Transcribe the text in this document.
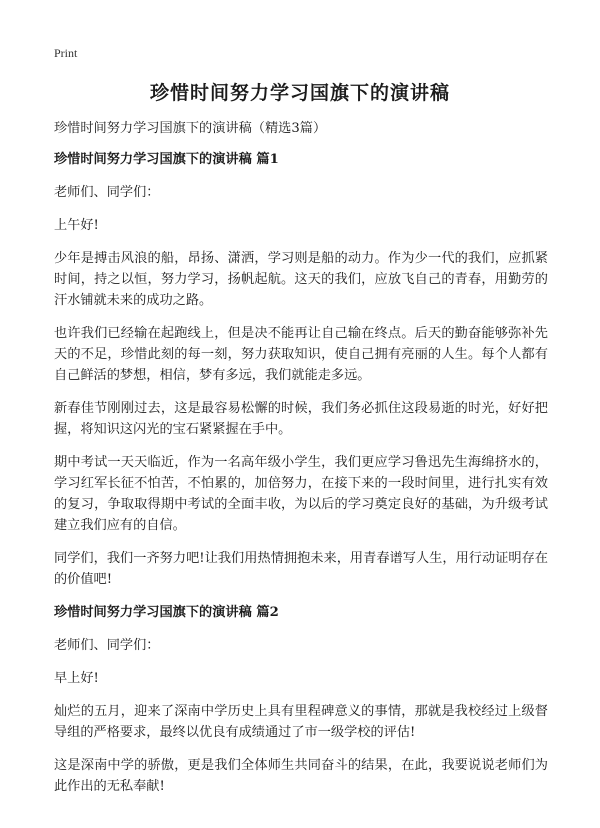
Print
珍惜时间努力学习国旗下的演讲稿

珍惜时间努力学习国旗下的演讲稿（精选3篇）

珍惜时间努力学习国旗下的演讲稿 篇1

老师们、同学们：

上午好!

少年是搏击风浪的船，昂扬、潇洒，学习则是船的动力。作为少一代的我们，应抓紧时间，持之以恒，努力学习，扬帆起航。这天的我们，应放飞自己的青春，用勤劳的汗水铺就未来的成功之路。

也许我们已经输在起跑线上，但是决不能再让自己输在终点。后天的勤奋能够弥补先天的不足，珍惜此刻的每一刻，努力获取知识，使自己拥有亮丽的人生。每个人都有自己鲜活的梦想，相信，梦有多远，我们就能走多远。

新春佳节刚刚过去，这是最容易松懈的时候，我们务必抓住这段易逝的时光，好好把握，将知识这闪光的宝石紧紧握在手中。

期中考试一天天临近，作为一名高年级小学生，我们更应学习鲁迅先生海绵挤水的，学习红军长征不怕苦，不怕累的，加倍努力，在接下来的一段时间里，进行扎实有效的复习，争取取得期中考试的全面丰收，为以后的学习奠定良好的基础，为升级考试建立我们应有的自信。

同学们，我们一齐努力吧!让我们用热情拥抱未来，用青春谱写人生，用行动证明存在的价值吧!

珍惜时间努力学习国旗下的演讲稿 篇2

老师们、同学们：

早上好!

灿烂的五月，迎来了深南中学历史上具有里程碑意义的事情，那就是我校经过上级督导组的严格要求，最终以优良有成绩通过了市一级学校的评估!

这是深南中学的骄傲，更是我们全体师生共同奋斗的结果，在此，我要说说老师们为此作出的无私奉献!
